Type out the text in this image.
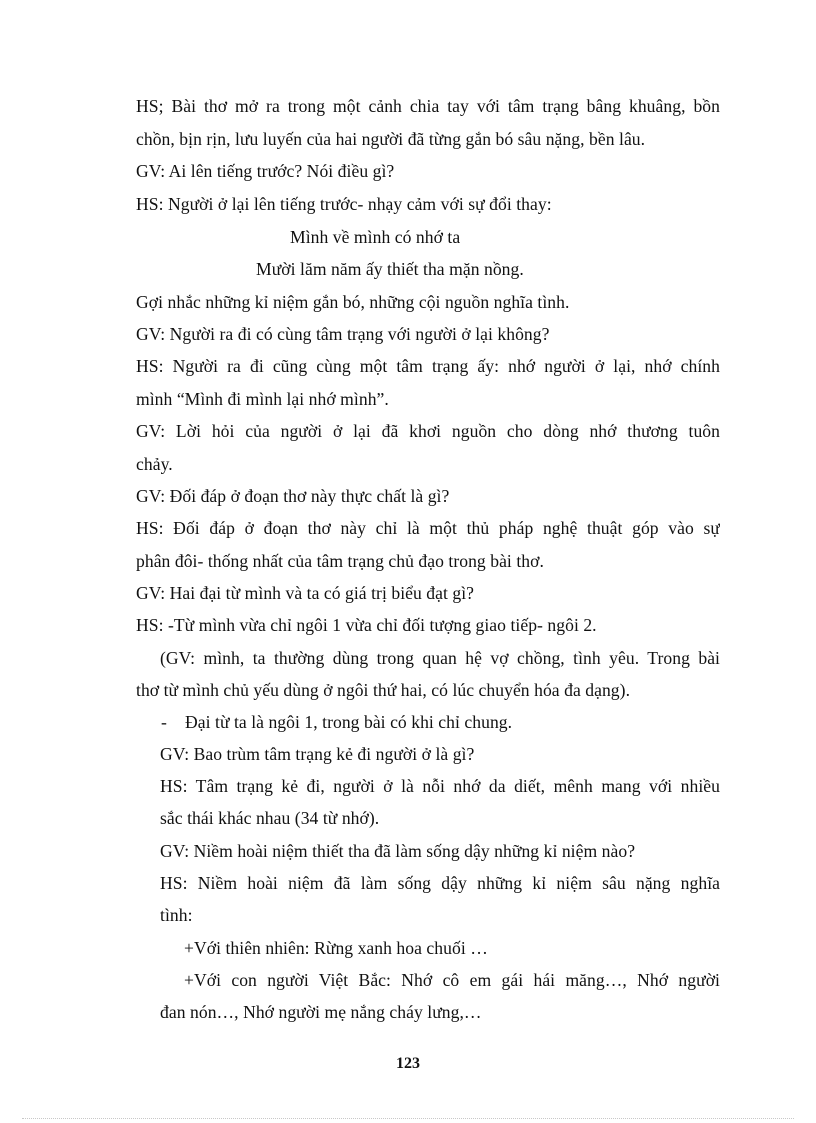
HS; Bài thơ mở ra trong một cảnh chia tay với tâm trạng bâng khuâng, bồn
chồn, bịn rịn, lưu luyến của hai người đã từng gắn bó sâu nặng, bền lâu.
GV: Ai lên tiếng trước? Nói điều gì?
HS: Người ở lại lên tiếng trước- nhạy cảm với sự đổi thay:
Mình về mình có nhớ ta
Mười lăm năm ấy thiết tha mặn nồng.
Gợi nhắc những kỉ niệm gắn bó, những cội nguồn nghĩa tình.
GV: Người ra đi có cùng tâm trạng với người ở lại không?
HS: Người ra đi cũng cùng một tâm trạng ấy: nhớ người ở lại, nhớ chính
mình “Mình đi mình lại nhớ mình”.
GV: Lời hỏi của người ở lại đã khơi nguồn cho dòng nhớ thương tuôn
chảy.
GV: Đối đáp ở đoạn thơ này thực chất là gì?
HS: Đối đáp ở đoạn thơ này chỉ là một thủ pháp nghệ thuật góp vào sự
phân đôi- thống nhất của tâm trạng chủ đạo trong bài thơ.
GV: Hai đại từ mình và ta có giá trị biểu đạt gì?
HS: -Từ mình vừa chỉ ngôi 1 vừa chỉ đối tượng giao tiếp- ngôi 2.
(GV: mình, ta thường dùng trong quan hệ vợ chồng, tình yêu. Trong bài
thơ từ mình chủ yếu dùng ở ngôi thứ hai, có lúc chuyển hóa đa dạng).
- Đại từ ta là ngôi 1, trong bài có khi chỉ chung.
GV: Bao trùm tâm trạng kẻ đi người ở là gì?
HS: Tâm trạng kẻ đi, người ở là nỗi nhớ da diết, mênh mang với nhiều
sắc thái khác nhau (34 từ nhớ).
GV: Niềm hoài niệm thiết tha đã làm sống dậy những kỉ niệm nào?
HS: Niềm hoài niệm đã làm sống dậy những kỉ niệm sâu nặng nghĩa
tình:
+Với thiên nhiên: Rừng xanh hoa chuối …
+Với con người Việt Bắc: Nhớ cô em gái hái măng…, Nhớ người
đan nón…, Nhớ người mẹ nắng cháy lưng,…
123
